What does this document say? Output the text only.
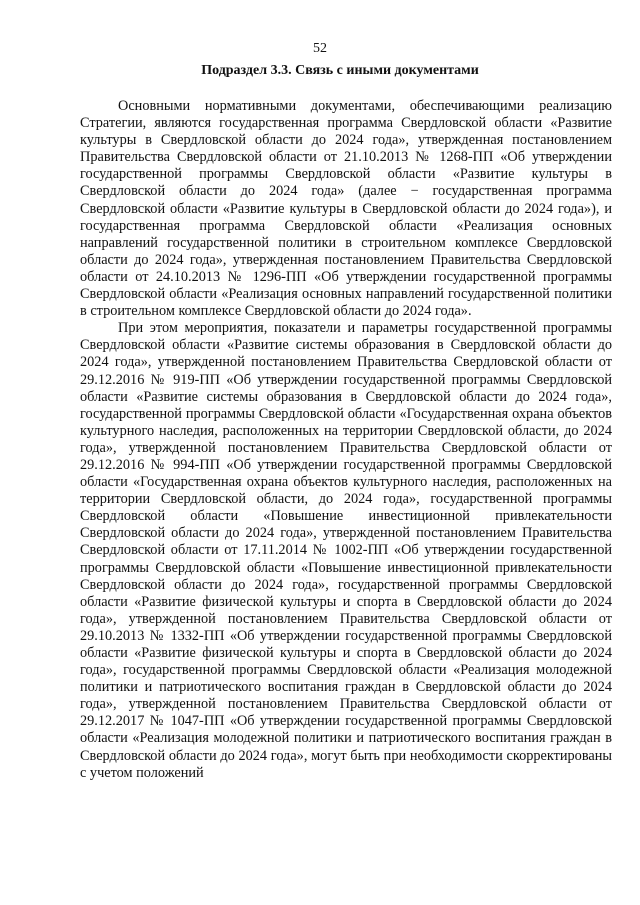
52
Подраздел 3.3. Связь с иными документами

Основными нормативными документами, обеспечивающими реализацию Стратегии, являются государственная программа Свердловской области «Развитие культуры в Свердловской области до 2024 года», утвержденная постановлением Правительства Свердловской области от 21.10.2013 № 1268-ПП «Об утверждении государственной программы Свердловской области «Развитие культуры в Свердловской области до 2024 года» (далее − государственная программа Свердловской области «Развитие культуры в Свердловской области до 2024 года»), и государственная программа Свердловской области «Реализация основных направлений государственной политики в строительном комплексе Свердловской области до 2024 года», утвержденная постановлением Правительства Свердловской области от 24.10.2013 № 1296-ПП «Об утверждении государственной программы Свердловской области «Реализация основных направлений государственной политики в строительном комплексе Свердловской области до 2024 года».

При этом мероприятия, показатели и параметры государственной программы Свердловской области «Развитие системы образования в Свердловской области до 2024 года», утвержденной постановлением Правительства Свердловской области от 29.12.2016 № 919-ПП «Об утверждении государственной программы Свердловской области «Развитие системы образования в Свердловской области до 2024 года», государственной программы Свердловской области «Государственная охрана объектов культурного наследия, расположенных на территории Свердловской области, до 2024 года», утвержденной постановлением Правительства Свердловской области от 29.12.2016 № 994-ПП «Об утверждении государственной программы Свердловской области «Государственная охрана объектов культурного наследия, расположенных на территории Свердловской области, до 2024 года», государственной программы Свердловской области «Повышение инвестиционной привлекательности Свердловской области до 2024 года», утвержденной постановлением Правительства Свердловской области от 17.11.2014 № 1002-ПП «Об утверждении государственной программы Свердловской области «Повышение инвестиционной привлекательности Свердловской области до 2024 года», государственной программы Свердловской области «Развитие физической культуры и спорта в Свердловской области до 2024 года», утвержденной постановлением Правительства Свердловской области от 29.10.2013 № 1332-ПП «Об утверждении государственной программы Свердловской области «Развитие физической культуры и спорта в Свердловской области до 2024 года», государственной программы Свердловской области «Реализация молодежной политики и патриотического воспитания граждан в Свердловской области до 2024 года», утвержденной постановлением Правительства Свердловской области от 29.12.2017 № 1047-ПП «Об утверждении государственной программы Свердловской области «Реализация молодежной политики и патриотического воспитания граждан в Свердловской области до 2024 года», могут быть при необходимости скорректированы с учетом положений
